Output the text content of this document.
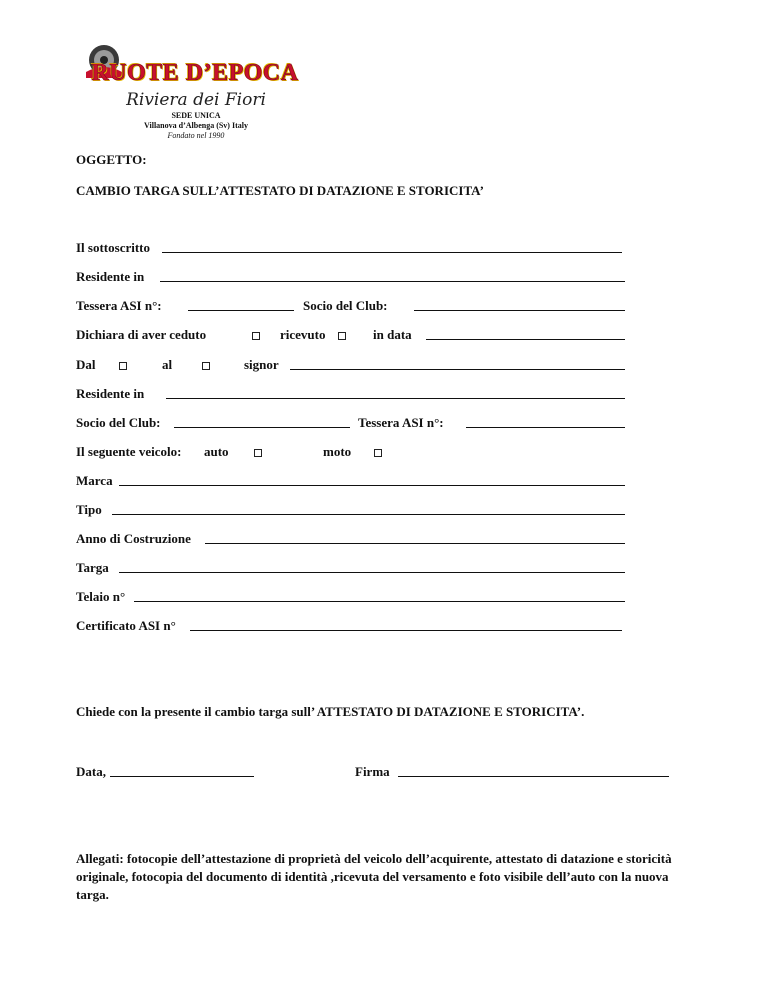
RUOTE D’EPOCA
Riviera dei Fiori
SEDE UNICA
Villanova d’Albenga (Sv) Italy
Fondato nel 1990
OGGETTO:
CAMBIO TARGA SULL’ATTESTATO DI DATAZIONE E STORICITA’
Il sottoscritto
Residente in
Tessera ASI n°:	Socio del Club:
Dichiara di aver ceduto	ricevuto	in data
Dal	al	signor
Residente in
Socio del Club:	Tessera ASI n°:
Il seguente veicolo: auto	moto
Marca
Tipo
Anno di Costruzione
Targa
Telaio n°
Certificato ASI n°
Chiede con la presente il cambio targa sull’ ATTESTATO DI DATAZIONE E STORICITA’.
Data,	Firma
Allegati: fotocopie dell’attestazione di proprietà del veicolo dell’acquirente, attestato di datazione e storicità originale, fotocopia del documento di identità ,ricevuta del versamento e foto visibile dell’auto con la nuova targa.
